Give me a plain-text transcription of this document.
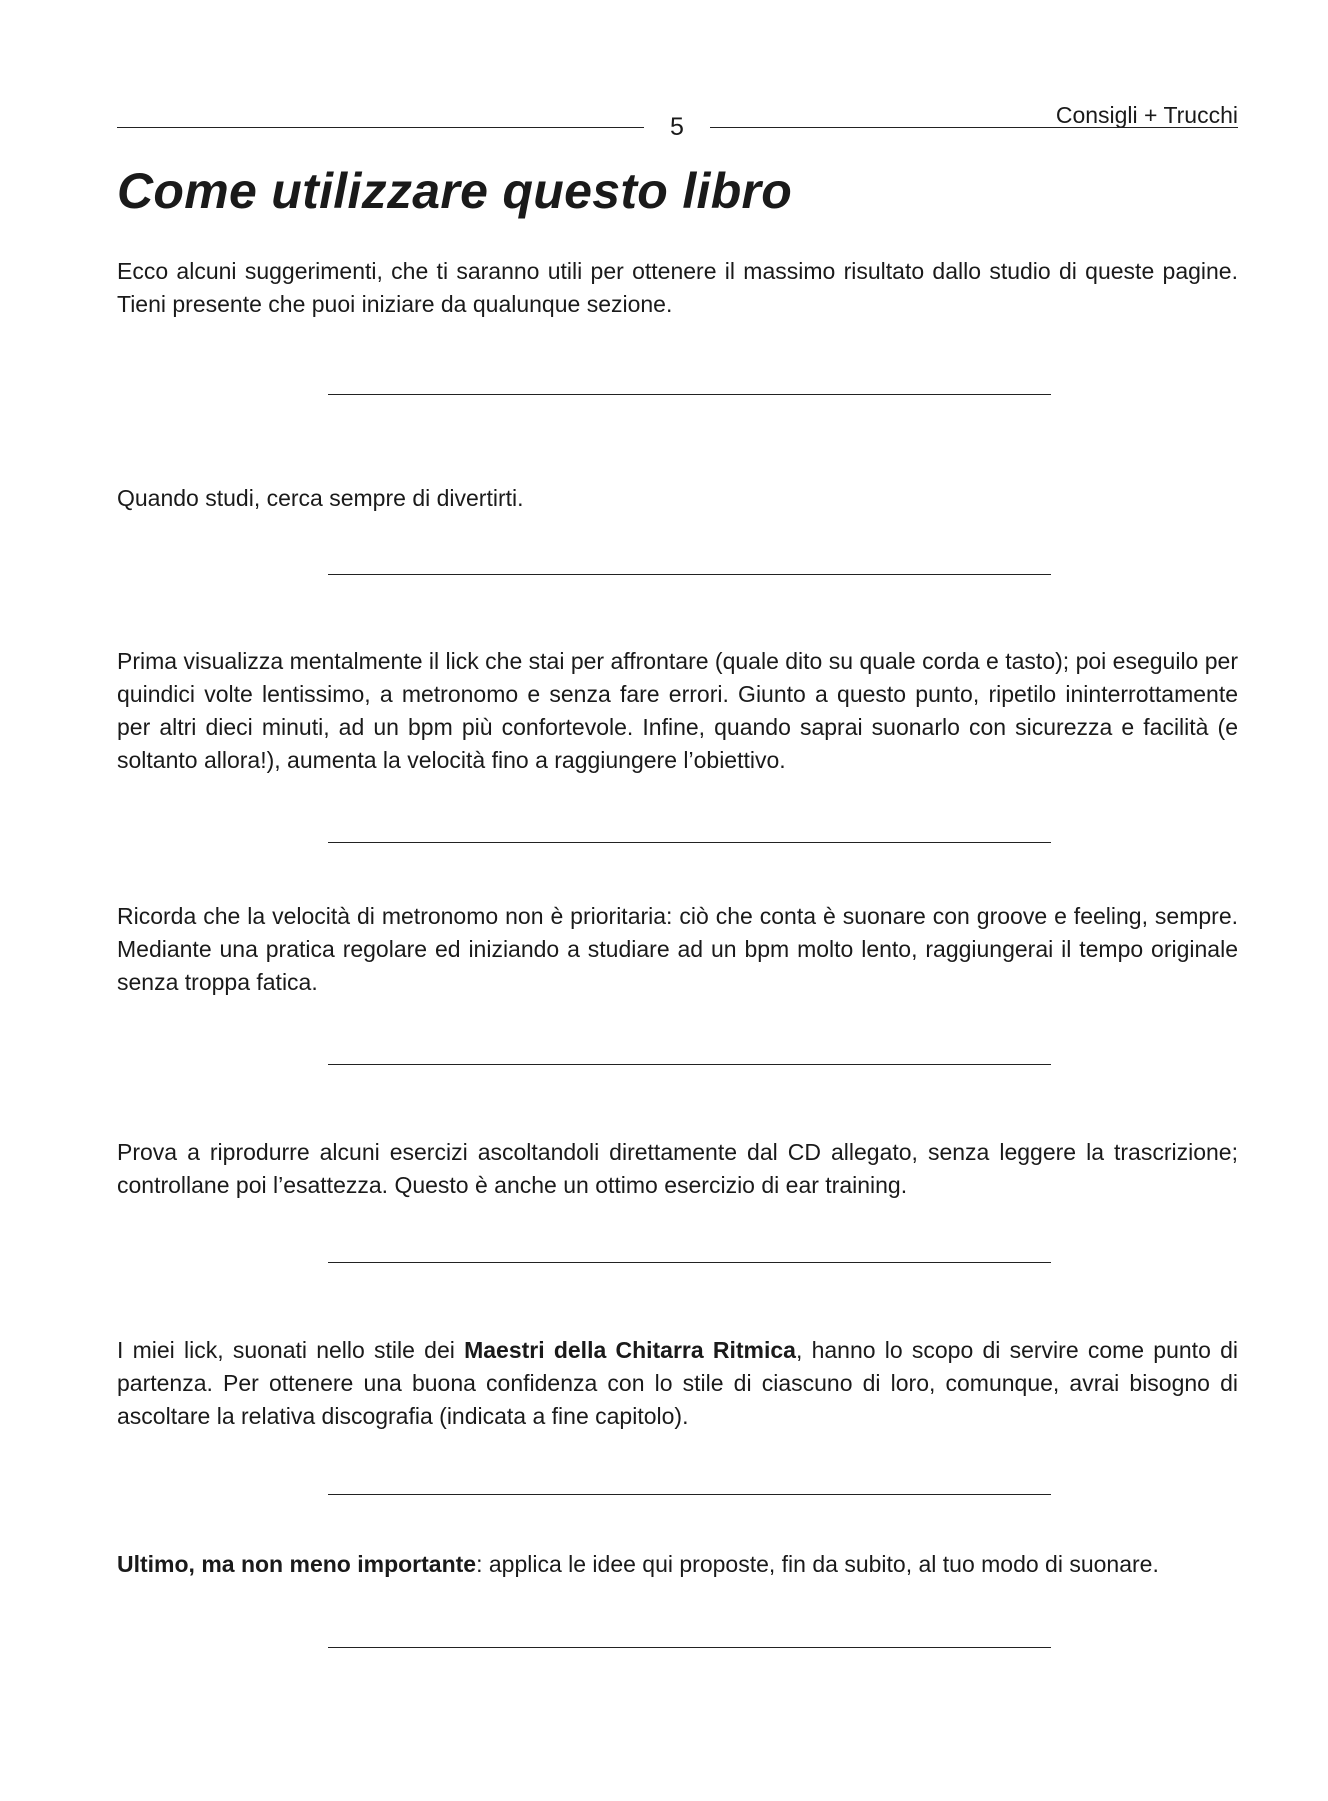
5	Consigli + Trucchi
Come utilizzare questo libro

Ecco alcuni suggerimenti, che ti saranno utili per ottenere il massimo risultato dallo studio di queste pagine. Tieni presente che puoi iniziare da qualunque sezione.

Quando studi, cerca sempre di divertirti.

Prima visualizza mentalmente il lick che stai per affrontare (quale dito su quale corda e tasto); poi eseguilo per quindici volte lentissimo, a metronomo e senza fare errori. Giunto a questo punto, ripetilo ininterrottamente per altri dieci minuti, ad un bpm più confortevole. Infine, quando saprai suonarlo con sicurezza e facilità (e soltanto allora!), aumenta la velocità fino a raggiungere l’obiettivo.

Ricorda che la velocità di metronomo non è prioritaria: ciò che conta è suonare con groove e feeling, sempre. Mediante una pratica regolare ed iniziando a studiare ad un bpm molto lento, raggiungerai il tempo originale senza troppa fatica.

Prova a riprodurre alcuni esercizi ascoltandoli direttamente dal CD allegato, senza leggere la trascrizione; controllane poi l’esattezza. Questo è anche un ottimo esercizio di ear training.

I miei lick, suonati nello stile dei Maestri della Chitarra Ritmica, hanno lo scopo di servire come punto di partenza. Per ottenere una buona confidenza con lo stile di ciascuno di loro, comunque, avrai bisogno di ascoltare la relativa discografia (indicata a fine capitolo).

Ultimo, ma non meno importante: applica le idee qui proposte, fin da subito, al tuo modo di suonare.
